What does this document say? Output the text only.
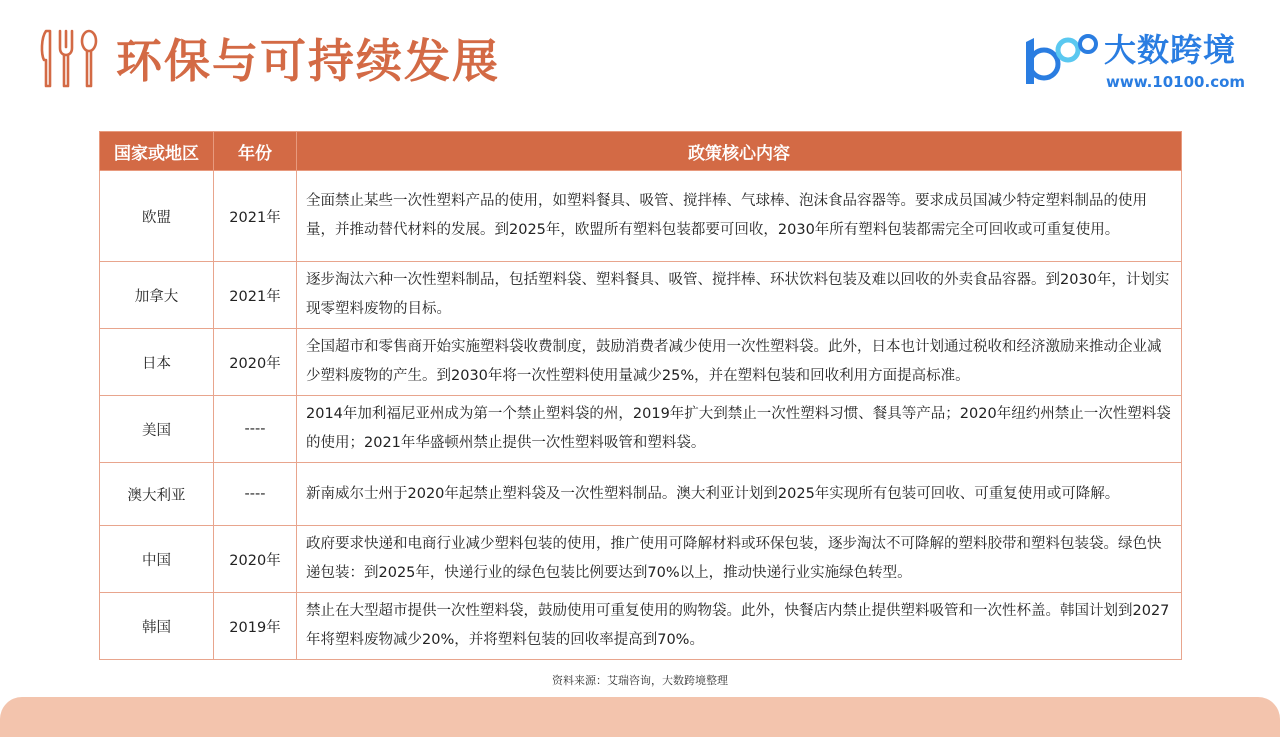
环保与可持续发展	大数跨境
www.10100.com
国家或地区	年份	政策核心内容
欧盟	2021年	全面禁止某些一次性塑料产品的使用，如塑料餐具、吸管、搅拌棒、气球棒、泡沫食品容器等。要求成员国减少特定塑料制品的使用量，并推动替代材料的发展。到2025年，欧盟所有塑料包装都要可回收，2030年所有塑料包装都需完全可回收或可重复使用。
加拿大	2021年	逐步淘汰六种一次性塑料制品，包括塑料袋、塑料餐具、吸管、搅拌棒、环状饮料包装及难以回收的外卖食品容器。到2030年，计划实现零塑料废物的目标。
日本	2020年	全国超市和零售商开始实施塑料袋收费制度，鼓励消费者减少使用一次性塑料袋。此外，日本也计划通过税收和经济激励来推动企业减少塑料废物的产生。到2030年将一次性塑料使用量减少25%，并在塑料包装和回收利用方面提高标准。
美国	----	2014年加利福尼亚州成为第一个禁止塑料袋的州，2019年扩大到禁止一次性塑料习惯、餐具等产品；2020年纽约州禁止一次性塑料袋的使用；2021年华盛顿州禁止提供一次性塑料吸管和塑料袋。
澳大利亚	----	新南威尔士州于2020年起禁止塑料袋及一次性塑料制品。澳大利亚计划到2025年实现所有包装可回收、可重复使用或可降解。
中国	2020年	政府要求快递和电商行业减少塑料包装的使用，推广使用可降解材料或环保包装，逐步淘汰不可降解的塑料胶带和塑料包装袋。绿色快递包装：到2025年，快递行业的绿色包装比例要达到70%以上，推动快递行业实施绿色转型。
韩国	2019年	禁止在大型超市提供一次性塑料袋，鼓励使用可重复使用的购物袋。此外，快餐店内禁止提供塑料吸管和一次性杯盖。韩国计划到2027年将塑料废物减少20%，并将塑料包装的回收率提高到70%。
资料来源：艾瑞咨询，大数跨境整理
